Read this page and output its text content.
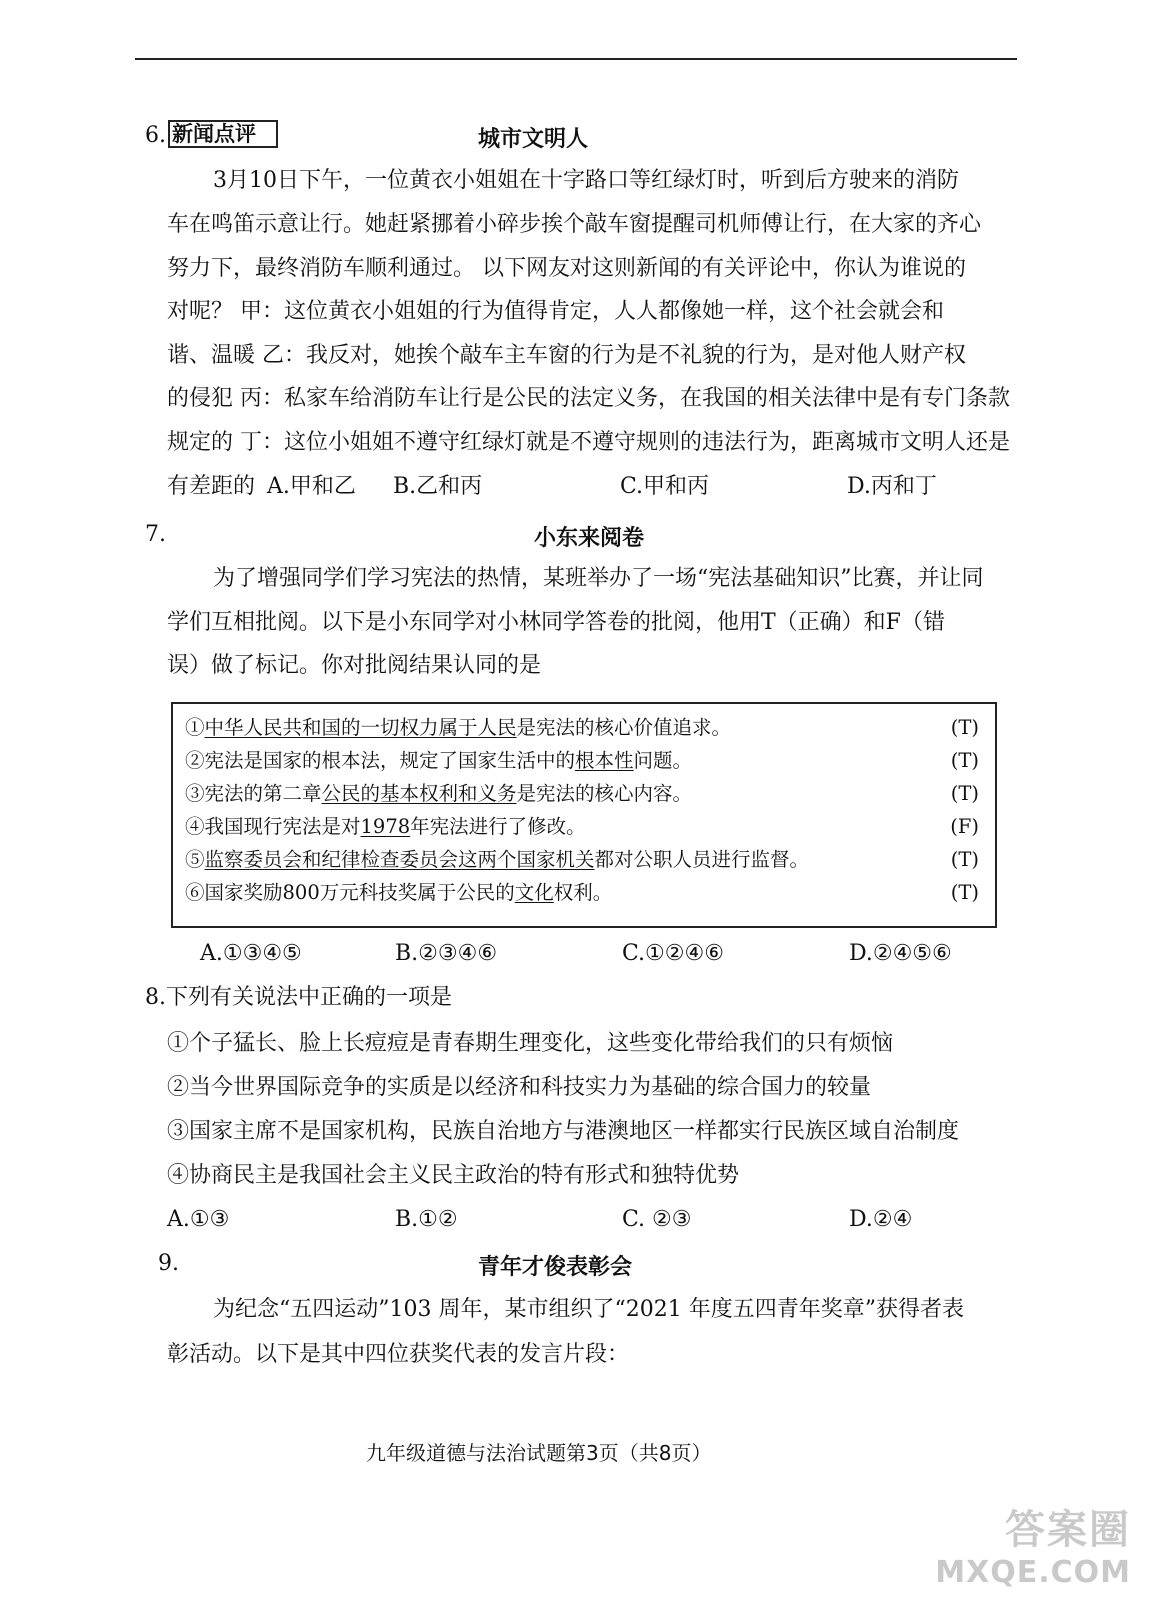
6. 新闻点评	城市文明人
3月10日下午，一位黄衣小姐姐在十字路口等红绿灯时，听到后方驶来的消防
车在鸣笛示意让行。她赶紧挪着小碎步挨个敲车窗提醒司机师傅让行，在大家的齐心
努力下，最终消防车顺利通过。 以下网友对这则新闻的有关评论中，你认为谁说的
对呢？ 甲：这位黄衣小姐姐的行为值得肯定，人人都像她一样，这个社会就会和
谐、温暖 乙：我反对，她挨个敲车主车窗的行为是不礼貌的行为，是对他人财产权
的侵犯 丙：私家车给消防车让行是公民的法定义务，在我国的相关法律中是有专门条款
规定的 丁：这位小姐姐不遵守红绿灯就是不遵守规则的违法行为，距离城市文明人还是
有差距的 A.甲和乙 B.乙和丙	C.甲和丙	D.丙和丁
7.	小东来阅卷
为了增强同学们学习宪法的热情，某班举办了一场“宪法基础知识”比赛，并让同
学们互相批阅。以下是小东同学对小林同学答卷的批阅，他用T（正确）和F（错
误）做了标记。你对批阅结果认同的是
①中华人民共和国的一切权力属于人民是宪法的核心价值追求。	(T)
②宪法是国家的根本法，规定了国家生活中的根本性问题。	(T)
③宪法的第二章公民的基本权利和义务是宪法的核心内容。	(T)
④我国现行宪法是对1978年宪法进行了修改。	(F)
⑤监察委员会和纪律检查委员会这两个国家机关都对公职人员进行监督。	(T)
⑥国家奖励800万元科技奖属于公民的文化权利。	(T)
A.①③④⑤	B.②③④⑥	C.①②④⑥	D.②④⑤⑥
8.下列有关说法中正确的一项是
①个子猛长、脸上长痘痘是青春期生理变化，这些变化带给我们的只有烦恼
②当今世界国际竞争的实质是以经济和科技实力为基础的综合国力的较量
③国家主席不是国家机构，民族自治地方与港澳地区一样都实行民族区域自治制度
④协商民主是我国社会主义民主政治的特有形式和独特优势
A.①③	B.①②	C. ②③	D.②④
9.	青年才俊表彰会
为纪念“五四运动”103 周年，某市组织了“2021 年度五四青年奖章”获得者表
彰活动。以下是其中四位获奖代表的发言片段：
九年级道德与法治试题第3页（共8页）
答案圈
MXQE.COM
